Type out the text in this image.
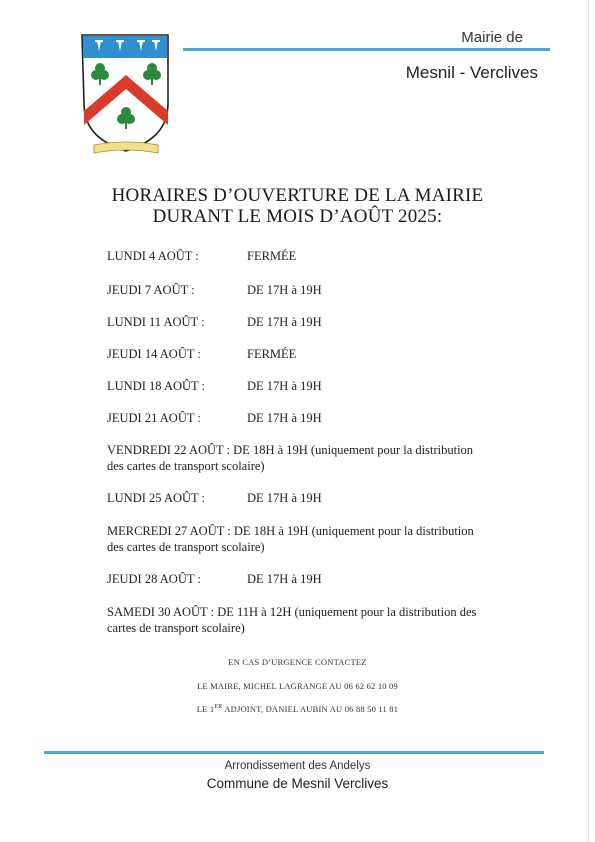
Mairie de
Mesnil - Verclives
HORAIRES D’OUVERTURE DE LA MAIRIE
DURANT LE MOIS D’AOÛT 2025:
LUNDI 4 AOÛT :	FERMÉE
JEUDI 7 AOÛT :	DE 17H à 19H
LUNDI 11 AOÛT :	DE 17H à 19H
JEUDI 14 AOÛT :	FERMÉE
LUNDI 18 AOÛT :	DE 17H à 19H
JEUDI 21 AOÛT :	DE 17H à 19H
VENDREDI 22 AOÛT : DE 18H à 19H (uniquement pour la distribution des cartes de transport scolaire)
LUNDI 25 AOÛT :	DE 17H à 19H
MERCREDI 27 AOÛT : DE 18H à 19H (uniquement pour la distribution des cartes de transport scolaire)
JEUDI 28 AOÛT :	DE 17H à 19H
SAMEDI 30 AOÛT : DE 11H à 12H (uniquement pour la distribution des cartes de transport scolaire)
EN CAS D’URGENCE CONTACTEZ
LE MAIRE, MICHEL LAGRANGE AU 06 62 62 10 09
LE 1ER ADJOINT, DANIEL AUBIN AU 06 88 50 11 81
Arrondissement des Andelys
Commune de Mesnil Verclives
